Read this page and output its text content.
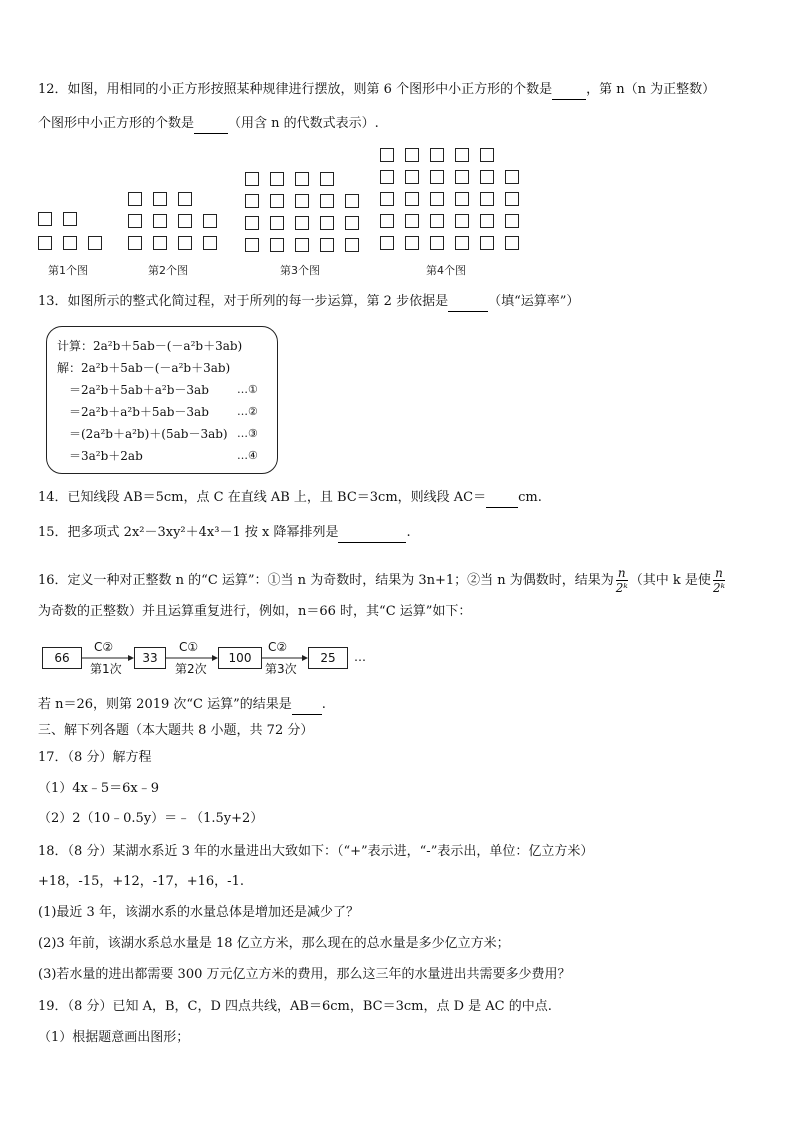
12．如图，用相同的小正方形按照某种规律进行摆放，则第 6 个图形中小正方形的个数是	，第 n（n 为正整数）
个图形中小正方形的个数是	（用含 n 的代数式表示）.
第1个图	第2个图	第3个图	第4个图
13．如图所示的整式化简过程，对于所列的每一步运算，第 2 步依据是	（填“运算率”）
计算：2a²b＋5ab－(－a²b＋3ab)
解：2a²b＋5ab－(－a²b＋3ab)
＝2a²b＋5ab＋a²b－3ab
＝2a²b＋a²b＋5ab－3ab
＝(2a²b＋a²b)＋(5ab－3ab)
＝3a²b＋2ab
…①
…②
…③
…④
14．已知线段 AB＝5cm，点 C 在直线 AB 上，且 BC＝3cm，则线段 AC＝ cm.
15．把多项式 2x²－3xy²＋4x³－1 按 x 降幂排列是	.
16．定义一种对正整数 n 的“C 运算”：①当 n 为奇数时，结果为 3n+1；②当 n 为偶数时，结果为 $\frac{n}{\text{2ᵏ}}$ （其中 k 是使 $\frac{n}{\text{2ᵏ}}$
为奇数的正整数）并且运算重复进行，例如，n＝66 时，其“C 运算”如下：
66	33	100	25
C②	C①	C②
第1次	第2次	第3次
…
若 n＝26，则第 2019 次“C 运算”的结果是 .
三、解下列各题（本大题共 8 小题，共 72 分）
17．（8 分）解方程
（1）4x﹣5＝6x﹣9
（2）2（10﹣0.5y）＝﹣（1.5y+2）
18．（8 分）某湖水系近 3 年的水量进出大致如下：（“+”表示进，“-”表示出，单位：亿立方米）
+18，-15，+12，-17，+16，-1.
(1)最近 3 年，该湖水系的水量总体是增加还是减少了？
(2)3 年前，该湖水系总水量是 18 亿立方米，那么现在的总水量是多少亿立方米；
(3)若水量的进出都需要 300 万元亿立方米的费用，那么这三年的水量进出共需要多少费用？
19．（8 分）已知 A，B，C，D 四点共线，AB＝6cm，BC＝3cm，点 D 是 AC 的中点.
（1）根据题意画出图形；
